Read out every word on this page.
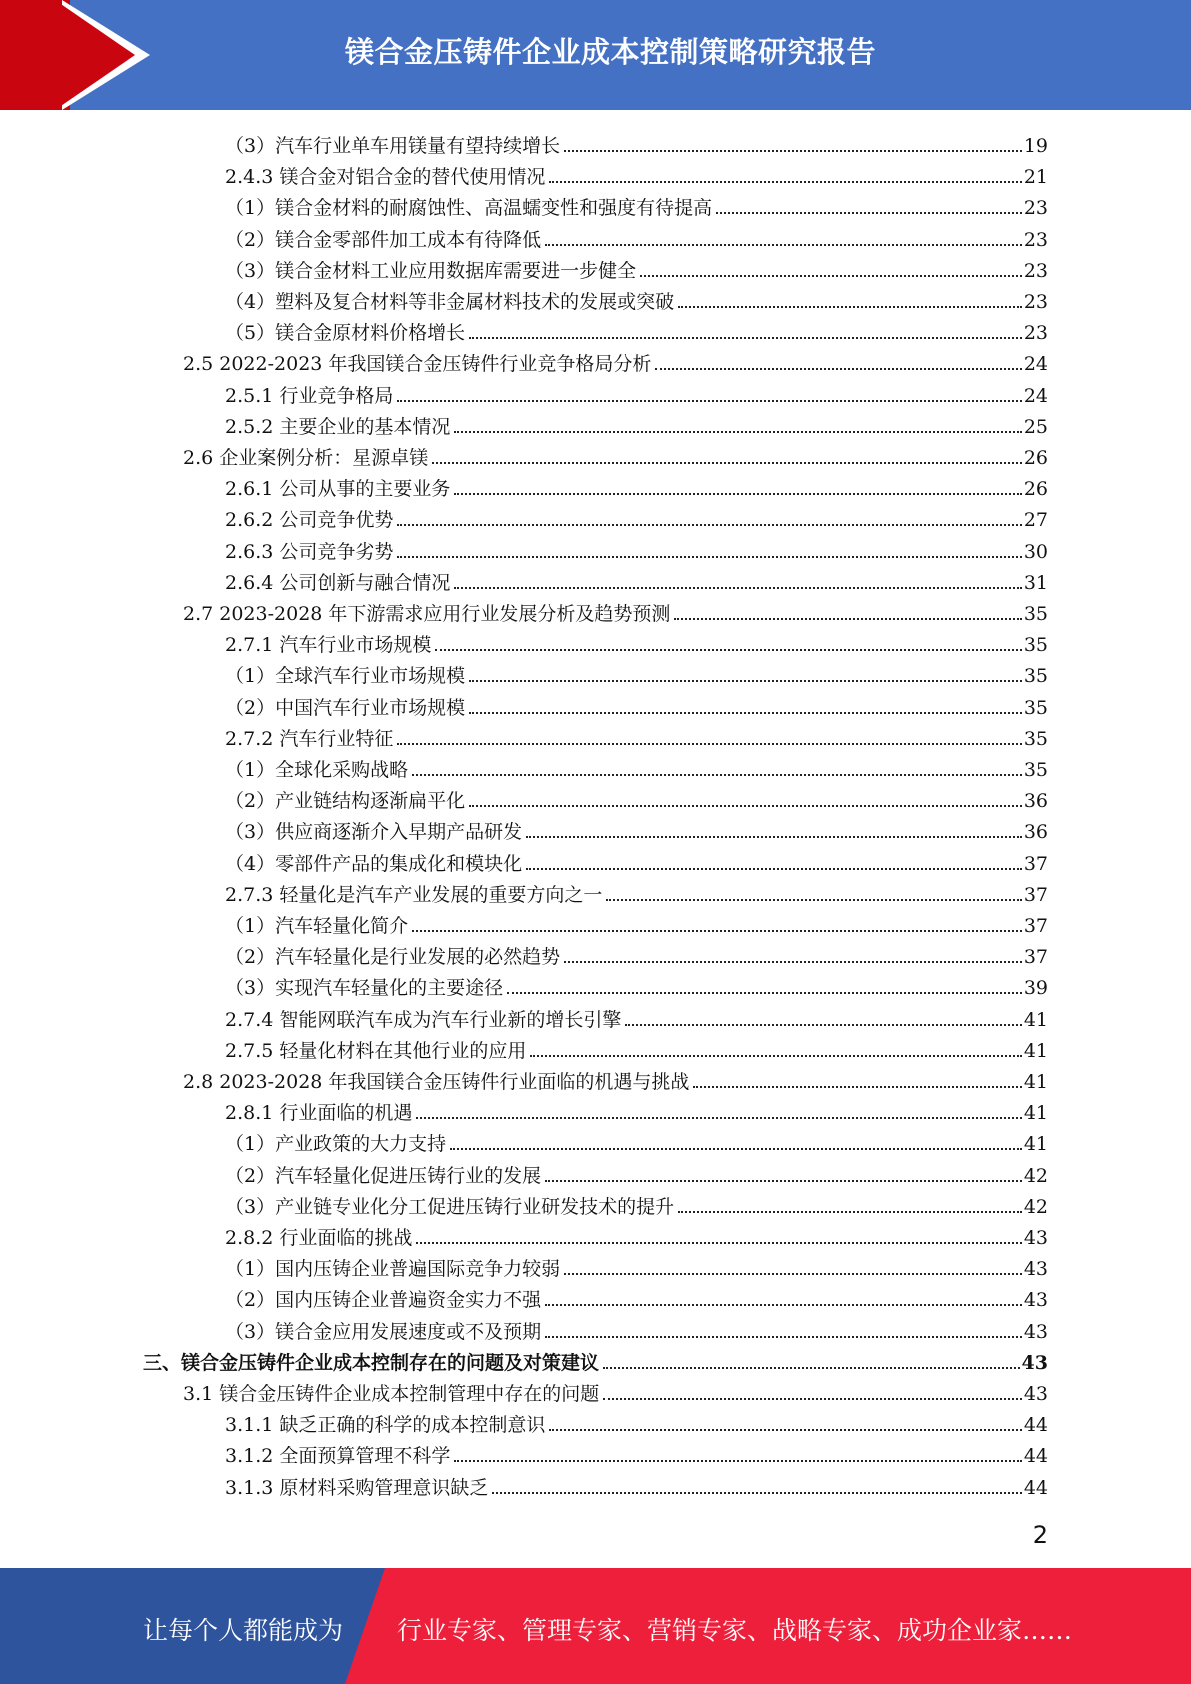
镁合金压铸件企业成本控制策略研究报告
（3）汽车行业单车用镁量有望持续增长	19
2.4.3 镁合金对铝合金的替代使用情况	21
（1）镁合金材料的耐腐蚀性、高温蠕变性和强度有待提高	23
（2）镁合金零部件加工成本有待降低	23
（3）镁合金材料工业应用数据库需要进一步健全	23
（4）塑料及复合材料等非金属材料技术的发展或突破	23
（5）镁合金原材料价格增长	23
2.5 2022-2023 年我国镁合金压铸件行业竞争格局分析	24
2.5.1 行业竞争格局	24
2.5.2 主要企业的基本情况	25
2.6 企业案例分析：星源卓镁	26
2.6.1 公司从事的主要业务	26
2.6.2 公司竞争优势	27
2.6.3 公司竞争劣势	30
2.6.4 公司创新与融合情况	31
2.7 2023-2028 年下游需求应用行业发展分析及趋势预测	35
2.7.1 汽车行业市场规模	35
（1）全球汽车行业市场规模	35
（2）中国汽车行业市场规模	35
2.7.2 汽车行业特征	35
（1）全球化采购战略	35
（2）产业链结构逐渐扁平化	36
（3）供应商逐渐介入早期产品研发	36
（4）零部件产品的集成化和模块化	37
2.7.3 轻量化是汽车产业发展的重要方向之一	37
（1）汽车轻量化简介	37
（2）汽车轻量化是行业发展的必然趋势	37
（3）实现汽车轻量化的主要途径	39
2.7.4 智能网联汽车成为汽车行业新的增长引擎	41
2.7.5 轻量化材料在其他行业的应用	41
2.8 2023-2028 年我国镁合金压铸件行业面临的机遇与挑战	41
2.8.1 行业面临的机遇	41
（1）产业政策的大力支持	41
（2）汽车轻量化促进压铸行业的发展	42
（3）产业链专业化分工促进压铸行业研发技术的提升	42
2.8.2 行业面临的挑战	43
（1）国内压铸企业普遍国际竞争力较弱	43
（2）国内压铸企业普遍资金实力不强	43
（3）镁合金应用发展速度或不及预期	43
三、镁合金压铸件企业成本控制存在的问题及对策建议	43
3.1 镁合金压铸件企业成本控制管理中存在的问题	43
3.1.1 缺乏正确的科学的成本控制意识	44
3.1.2 全面预算管理不科学	44
3.1.3 原材料采购管理意识缺乏	44
2
让每个人都能成为 行业专家、管理专家、营销专家、战略专家、成功企业家……
